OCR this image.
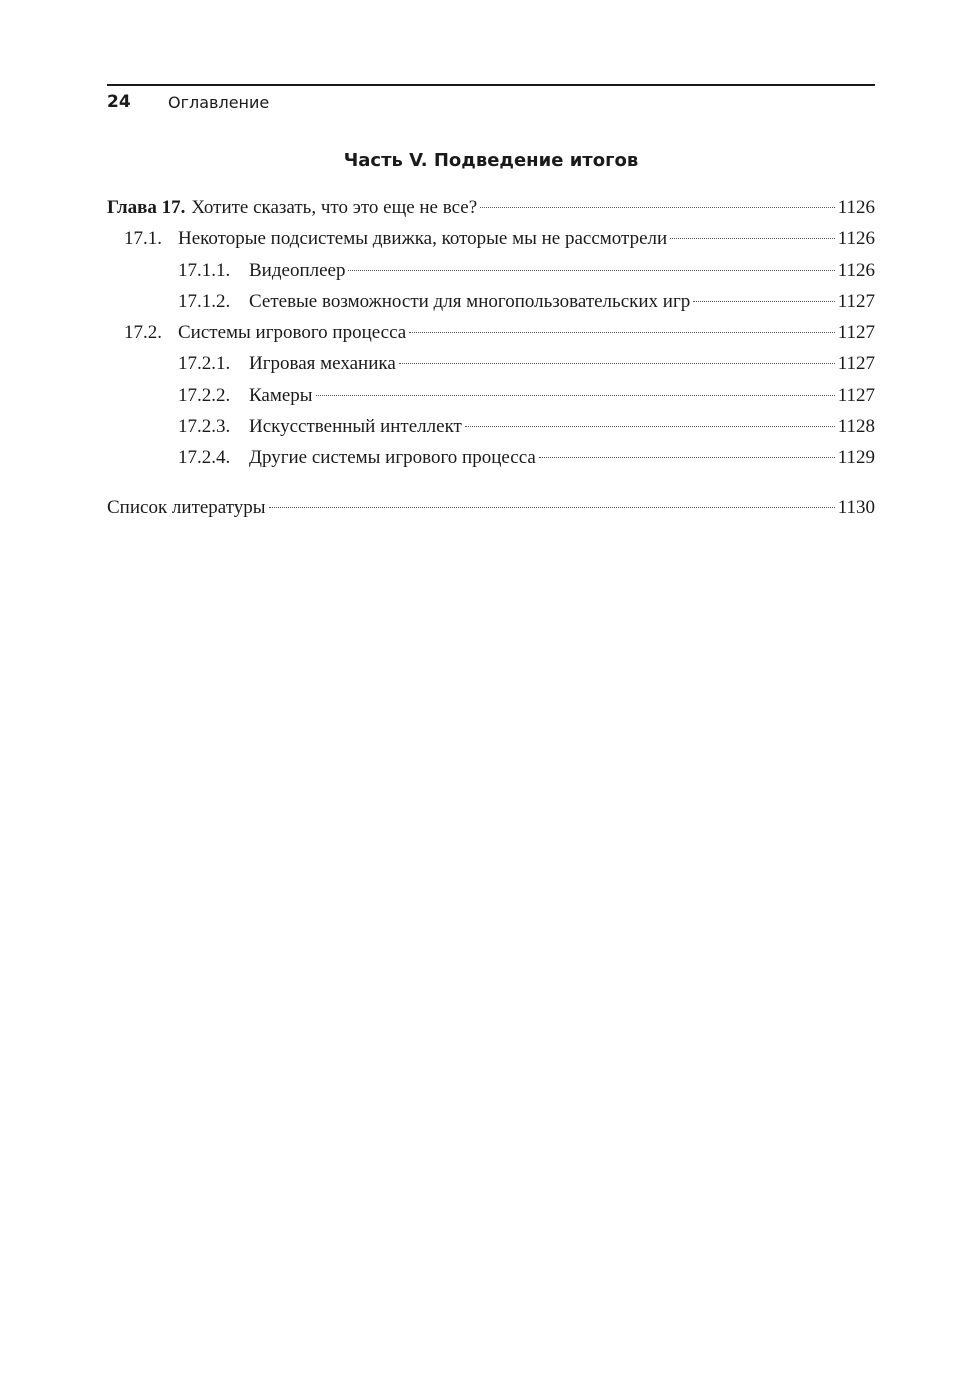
24 Оглавление
Часть V. Подведение итогов
Глава 17. Хотите сказать, что это еще не все?	1126
17.1. Некоторые подсистемы движка, которые мы не рассмотрели	1126
17.1.1. Видеоплеер	1126
17.1.2. Сетевые возможности для многопользовательских игр	1127
17.2. Системы игрового процесса	1127
17.2.1. Игровая механика	1127
17.2.2. Камеры	1127
17.2.3. Искусственный интеллект	1128
17.2.4. Другие системы игрового процесса	1129
Список литературы	1130
